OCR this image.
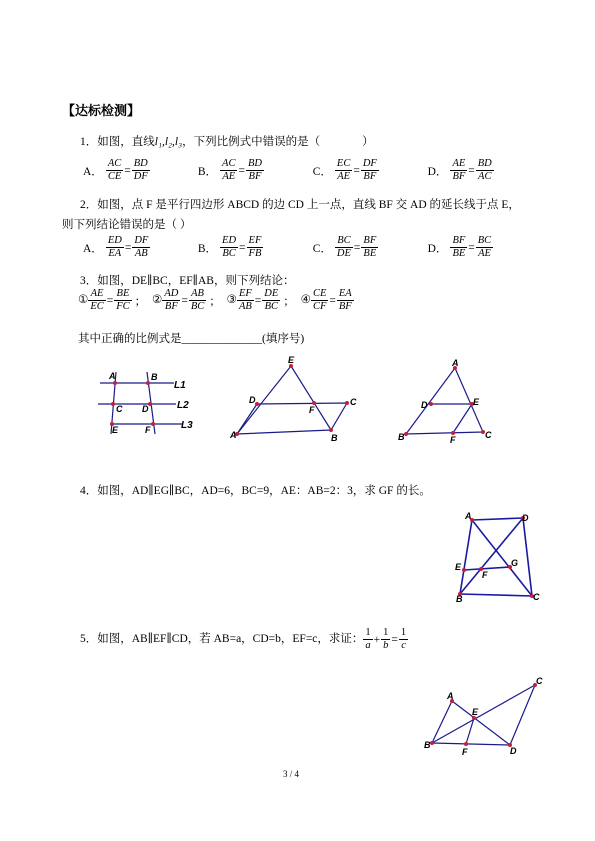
【达标检测】
1．如图，直线l₁,l₂,l₃，下列比例式中错误的是（	）
A． $\frac{AC}{CE} = \frac{BD}{DF}$	B． $\frac{AC}{AE} = \frac{BD}{BF}$	C． $\frac{EC}{AE} = \frac{DF}{BF}$	D． $\frac{AE}{BF} = \frac{BD}{AC}$
2．如图，点 F 是平行四边形 ABCD 的边 CD 上一点，直线 BF 交 AD 的延长线于点 E，
则下列结论错误的是（ ）
A． $\frac{ED}{EA} = \frac{DF}{AB}$	B． $\frac{ED}{BC} = \frac{EF}{FB}$	C． $\frac{BC}{DE} = \frac{BF}{BE}$	D． $\frac{BF}{BE} = \frac{BC}{AE}$
3．如图，DE∥BC，EF∥AB，则下列结论：
① $\frac{AE}{EC} = \frac{BE}{FC}$ ； ② $\frac{AD}{BF} = \frac{AB}{BC}$ ； ③ $\frac{EF}{AB} = \frac{DE}{BC}$ ； ④ $\frac{CE}{CF} = \frac{EA}{BF}$
其中正确的比例式是______________(填序号)
A	B
C D
E	F
L1
L2
L3
E
A	B
C
D
F
A
B	C
D	E
F
4．如图，AD∥EG∥BC，AD=6，BC=9，AE：AB=2：3，求 GF 的长。
A	D
E
F
G
B	C
5．如图，AB∥EF∥CD，若 AB=a，CD=b，EF=c，求证： $\frac{1}{a} + \frac{1}{b} = \frac{1}{c}$
A
C
B
D
E
F
3 / 4
